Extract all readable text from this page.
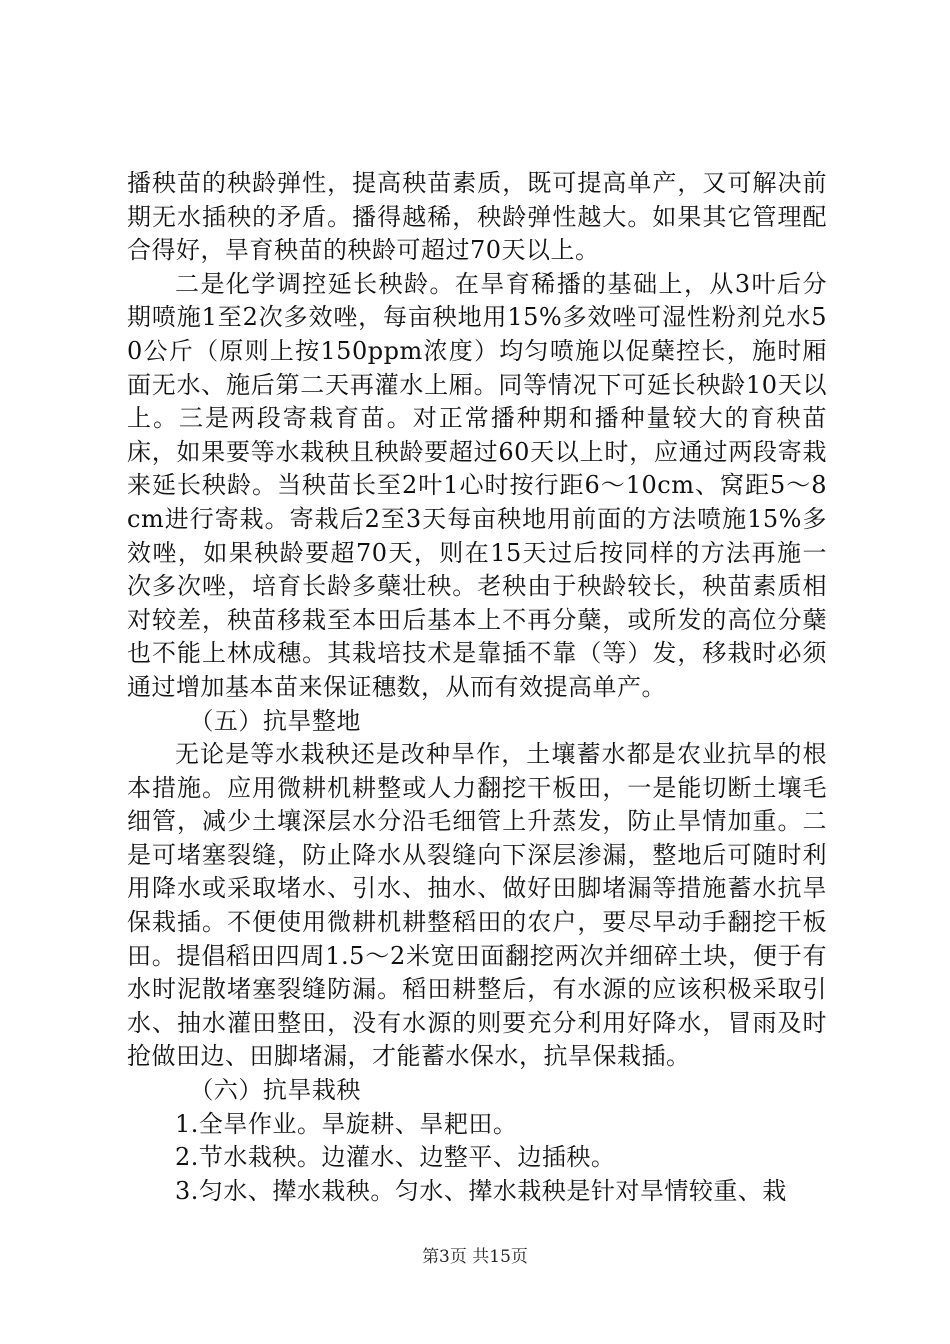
播秧苗的秧龄弹性，提高秧苗素质，既可提高单产，又可解决前期无水插秧的矛盾。播得越稀，秧龄弹性越大。如果其它管理配合得好，旱育秧苗的秧龄可超过70天以上。

二是化学调控延长秧龄。在旱育稀播的基础上，从3叶后分期喷施1至2次多效唑，每亩秧地用15%多效唑可湿性粉剂兑水50公斤（原则上按150ppm浓度）均匀喷施以促蘖控长，施时厢面无水、施后第二天再灌水上厢。同等情况下可延长秧龄10天以上。三是两段寄栽育苗。对正常播种期和播种量较大的育秧苗床，如果要等水栽秧且秧龄要超过60天以上时，应通过两段寄栽来延长秧龄。当秧苗长至2叶1心时按行距6～10cm、窝距5～8cm进行寄栽。寄栽后2至3天每亩秧地用前面的方法喷施15%多效唑，如果秧龄要超70天，则在15天过后按同样的方法再施一次多次唑，培育长龄多蘖壮秧。老秧由于秧龄较长，秧苗素质相对较差，秧苗移栽至本田后基本上不再分蘖，或所发的高位分蘖也不能上林成穗。其栽培技术是靠插不靠（等）发，移栽时必须通过增加基本苗来保证穗数，从而有效提高单产。

（五）抗旱整地

无论是等水栽秧还是改种旱作，土壤蓄水都是农业抗旱的根本措施。应用微耕机耕整或人力翻挖干板田，一是能切断土壤毛细管，减少土壤深层水分沿毛细管上升蒸发，防止旱情加重。二是可堵塞裂缝，防止降水从裂缝向下深层渗漏，整地后可随时利用降水或采取堵水、引水、抽水、做好田脚堵漏等措施蓄水抗旱保栽插。不便使用微耕机耕整稻田的农户，要尽早动手翻挖干板田。提倡稻田四周1.5～2米宽田面翻挖两次并细碎土块，便于有水时泥散堵塞裂缝防漏。稻田耕整后，有水源的应该积极采取引水、抽水灌田整田，没有水源的则要充分利用好降水，冒雨及时抢做田边、田脚堵漏，才能蓄水保水，抗旱保栽插。

（六）抗旱栽秧

1.全旱作业。旱旋耕、旱耙田。

2.节水栽秧。边灌水、边整平、边插秧。

3.匀水、撵水栽秧。匀水、撵水栽秧是针对旱情较重、栽

第3页 共15页
